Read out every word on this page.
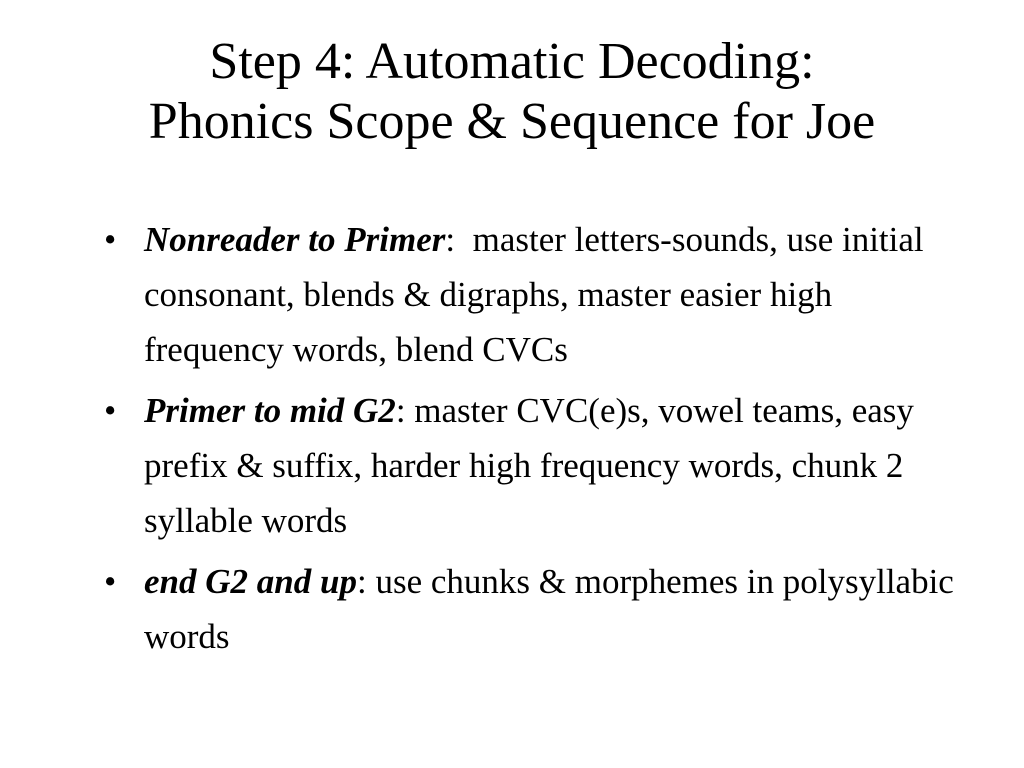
Step 4: Automatic Decoding:
Phonics Scope & Sequence for Joe
• Nonreader to Primer:  master letters-sounds, use initial consonant, blends & digraphs, master easier high frequency words, blend CVCs
• Primer to mid G2: master CVC(e)s, vowel teams, easy prefix & suffix, harder high frequency words, chunk 2 syllable words
• end G2 and up: use chunks & morphemes in polysyllabic words
